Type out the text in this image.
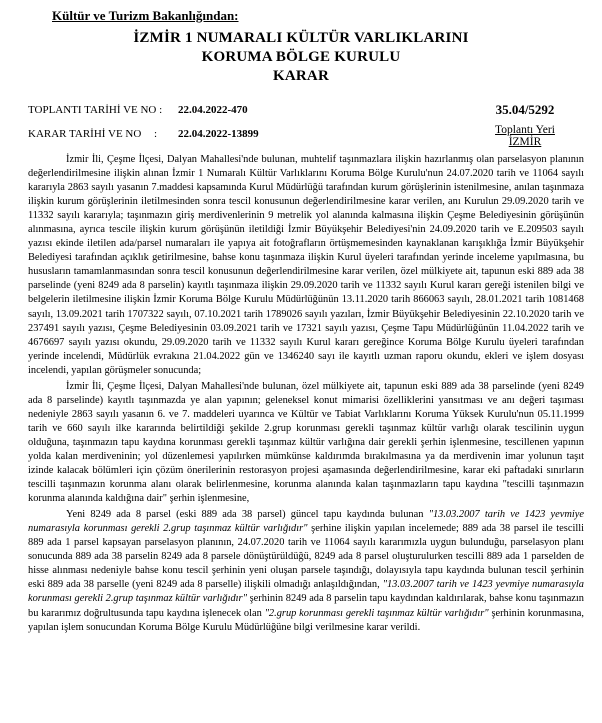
Kültür ve Turizm Bakanlığından:
İZMİR 1 NUMARALI KÜLTÜR VARLIKLARINI
KORUMA BÖLGE KURULU
KARAR
TOPLANTI TARİHİ VE NO : 22.04.2022-470
KARAR TARİHİ VE NO : 22.04.2022-13899
35.04/5292
Toplantı Yeri
İZMİR

İzmir İli, Çeşme İlçesi, Dalyan Mahallesi'nde bulunan, muhtelif taşınmazlara ilişkin hazırlanmış olan parselasyon planının değerlendirilmesine ilişkin alınan İzmir 1 Numaralı Kültür Varlıklarını Koruma Bölge Kurulu'nun 24.07.2020 tarih ve 11064 sayılı kararıyla 2863 sayılı yasanın 7.maddesi kapsamında Kurul Müdürlüğü tarafından kurum görüşlerinin istenilmesine, anılan taşınmaza ilişkin kurum görüşlerinin iletilmesinden sonra tescil konusunun değerlendirilmesine karar verilen, anı Kurulun 29.09.2020 tarih ve 11332 sayılı kararıyla; taşınmazın giriş merdivenlerinin 9 metrelik yol alanında kalmasına ilişkin Çeşme Belediyesinin görüşünün alınmasına, ayrıca tescile ilişkin kurum görüşünün iletildiği İzmir Büyükşehir Belediyesi'nin 24.09.2020 tarih ve E.209503 sayılı yazısı ekinde iletilen ada/parsel numaraları ile yapıya ait fotoğrafların örtüşmemesinden kaynaklanan karışıklığa İzmir Büyükşehir Belediyesi tarafından açıklık getirilmesine, bahse konu taşınmaza ilişkin Kurul üyeleri tarafından yerinde inceleme yapılmasına, bu hususların tamamlanmasından sonra tescil konusunun değerlendirilmesine karar verilen, özel mülkiyete ait, tapunun eski 889 ada 38 parselinde (yeni 8249 ada 8 parselin) kayıtlı taşınmaza ilişkin 29.09.2020 tarih ve 11332 sayılı Kurul kararı gereği istenilen bilgi ve belgelerin iletilmesine ilişkin İzmir Koruma Bölge Kurulu Müdürlüğünün 13.11.2020 tarih 866063 sayılı, 28.01.2021 tarih 1081468 sayılı, 13.09.2021 tarih 1707322 sayılı, 07.10.2021 tarih 1789026 sayılı yazıları, İzmir Büyükşehir Belediyesinin 22.10.2020 tarih ve 237491 sayılı yazısı, Çeşme Belediyesinin 03.09.2021 tarih ve 17321 sayılı yazısı, Çeşme Tapu Müdürlüğünün 11.04.2022 tarih ve 4676697 sayılı yazısı okundu, 29.09.2020 tarih ve 11332 sayılı Kurul kararı gereğince Koruma Bölge Kurulu üyeleri tarafından yerinde incelendi, Müdürlük evrakına 21.04.2022 gün ve 1346240 sayı ile kayıtlı uzman raporu okundu, ekleri ve işlem dosyası incelendi, yapılan görüşmeler sonucunda;

İzmir İli, Çeşme İlçesi, Dalyan Mahallesi'nde bulunan, özel mülkiyete ait, tapunun eski 889 ada 38 parselinde (yeni 8249 ada 8 parselinde) kayıtlı taşınmazda ye alan yapının; geleneksel konut mimarisi özelliklerini yansıtması ve anı değeri taşıması nedeniyle 2863 sayılı yasanın 6. ve 7. maddeleri uyarınca ve Kültür ve Tabiat Varlıklarını Koruma Yüksek Kurulu'nun 05.11.1999 tarih ve 660 sayılı ilke kararında belirtildiği şekilde 2.grup korunması gerekli taşınmaz kültür varlığı olarak tescilinin uygun olduğuna, taşınmazın tapu kaydına korunması gerekli taşınmaz kültür varlığına dair gerekli şerhin işlenmesine, tescillenen yapının yolda kalan merdiveninin; yol düzenlemesi yapılırken mümkünse kaldırımda bırakılmasına ya da merdivenin imar yolunun taşıt izinde kalacak bölümleri için çözüm önerilerinin restorasyon projesi aşamasında değerlendirilmesine, karar eki paftadaki sınırların tescilli taşınmazın korunma alanı olarak belirlenmesine, korunma alanında kalan taşınmazların tapu kaydına "tescilli taşınmazın korunma alanında kaldığına dair" şerhin işlenmesine,

Yeni 8249 ada 8 parsel (eski 889 ada 38 parsel) güncel tapu kaydında bulunan "13.03.2007 tarih ve 1423 yevmiye numarasıyla korunması gerekli 2.grup taşınmaz kültür varlığıdır" şerhine ilişkin yapılan incelemede; 889 ada 38 parsel ile tescilli 889 ada 1 parsel kapsayan parselasyon planının, 24.07.2020 tarih ve 11064 sayılı kararımızla uygun bulunduğu, parselasyon planı sonucunda 889 ada 38 parselin 8249 ada 8 parsele dönüştürüldüğü, 8249 ada 8 parsel oluşturulurken tescilli 889 ada 1 parselden de hisse alınması nedeniyle bahse konu tescil şerhinin yeni oluşan parsele taşındığı, dolayısıyla tapu kaydında bulunan tescil şerhinin eski 889 ada 38 parselle (yeni 8249 ada 8 parselle) ilişkili olmadığı anlaşıldığından, "13.03.2007 tarih ve 1423 yevmiye numarasıyla korunması gerekli 2.grup taşınmaz kültür varlığıdır" şerhinin 8249 ada 8 parselin tapu kaydından kaldırılarak, bahse konu taşınmazın bu kararımız doğrultusunda tapu kaydına işlenecek olan "2.grup korunması gerekli taşınmaz kültür varlığıdır" şerhinin korunmasına, yapılan işlem sonucundan Koruma Bölge Kurulu Müdürlüğüne bilgi verilmesine karar verildi.
